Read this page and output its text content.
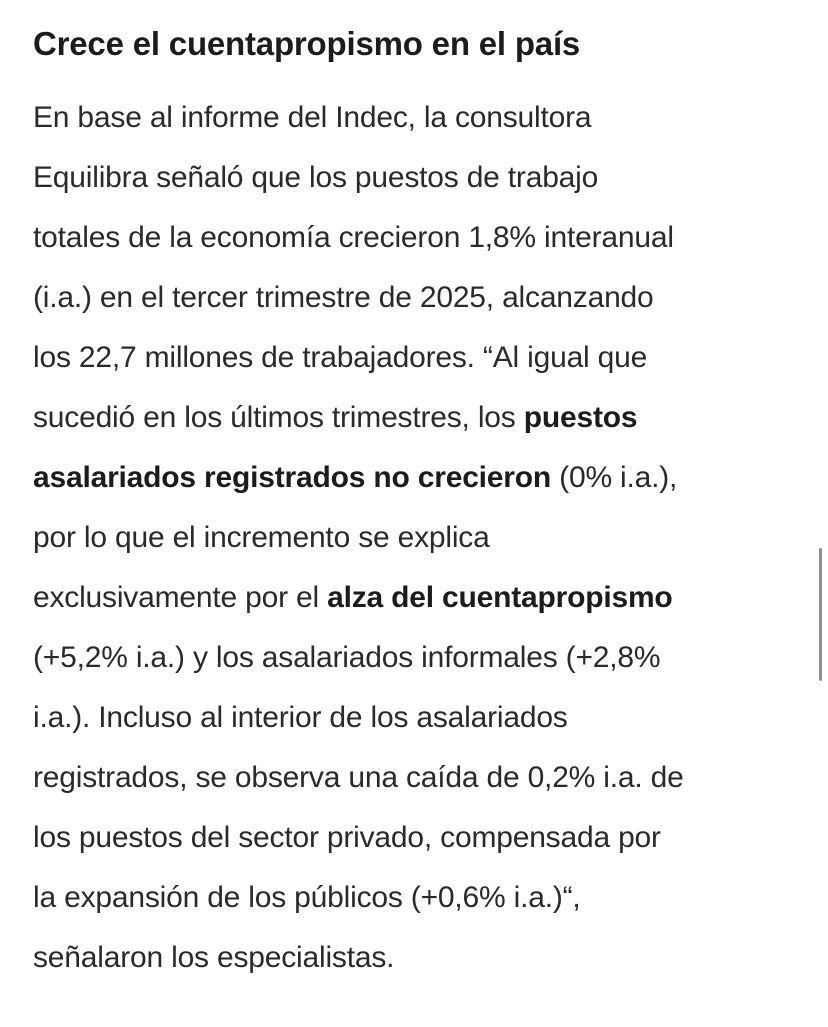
Crece el cuentapropismo en el país

En base al informe del Indec, la consultora
Equilibra señaló que los puestos de trabajo
totales de la economía crecieron 1,8% interanual
(i.a.) en el tercer trimestre de 2025, alcanzando
los 22,7 millones de trabajadores. “Al igual que
sucedió en los últimos trimestres, los puestos
asalariados registrados no crecieron (0% i.a.),
por lo que el incremento se explica
exclusivamente por el alza del cuentapropismo
(+5,2% i.a.) y los asalariados informales (+2,8%
i.a.). Incluso al interior de los asalariados
registrados, se observa una caída de 0,2% i.a. de
los puestos del sector privado, compensada por
la expansión de los públicos (+0,6% i.a.)“,
señalaron los especialistas.
